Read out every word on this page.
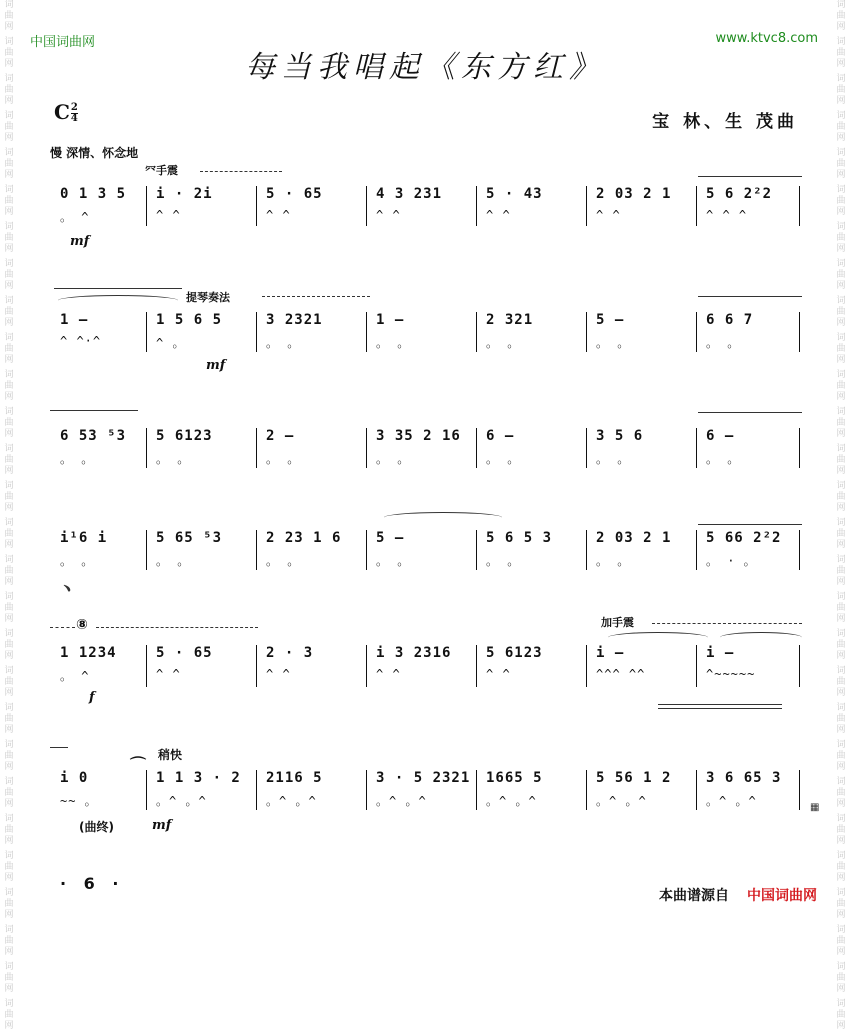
词曲网
词曲网
词曲网
词曲网
词曲网
词曲网
词曲网
词曲网
词曲网
词曲网
词曲网
词曲网
词曲网
词曲网
词曲网
词曲网
词曲网
词曲网
词曲网
词曲网
词曲网
词曲网
词曲网
词曲网
词曲网
词曲网
词曲网
词曲网
词曲网
词曲网
词曲网
词曲网
词曲网
词曲网
词曲网
词曲网
词曲网
词曲网
词曲网
词曲网
词曲网
词曲网
词曲网
词曲网
词曲网
词曲网
词曲网
词曲网
词曲网
词曲网
词曲网
词曲网
词曲网
词曲网
词曲网
词曲网
中国词曲网	www.ktvc8.com
每当我唱起《东方红》
C $\frac{2}{4}$	宝 林、生 茂曲
慢 深情、怀念地
㓁手震
提琴奏法
⑧	加手震
⌒ 稍快
mf
mf
f
mf
(曲终)
﹅
▦
0 1 3 5
。 ^
i · 2i
^ ^
5 · 65
^ ^
4 3 231
^ ^
5 · 43
^ ^
2 03 2 1
^ ^
5 6 2²2
^ ^ ^
1 –
^ ^·^
1 5 6 5
^ 。
3 2321
。 。
1 –
。 。
2 321
。 。
5 –
。 。
6 6 7
。 。
6 53 ⁵3
。 。
5 6123
。 。
2 –
。 。
3 35 2 16
。 。
6 –
。 。
3 5 6
。 。
6 –
。 。
i¹6 i
。 。
5 65 ⁵3
。 。
2 23 1 6
。 。
5 –
。 。
5 6 5 3
。 。
2 03 2 1
。 。
5 66 2²2
。 · 。
1 1234
。 ^
5 · 65
^ ^
2 · 3
^ ^
i 3 2316
^ ^
5 6123
^ ^
i –
^^^ ^^
i –
^~~~~~
i 0
~~ 。
1 1 3 · 2
。^ 。^
2116 5
。^ 。^
3 · 5 2321
。^ 。^
1665 5
。^ 。^
5 56 1 2
。^ 。^
3 6 65 3
。^ 。^
· 6 ·
本曲谱源自 中国词曲网
